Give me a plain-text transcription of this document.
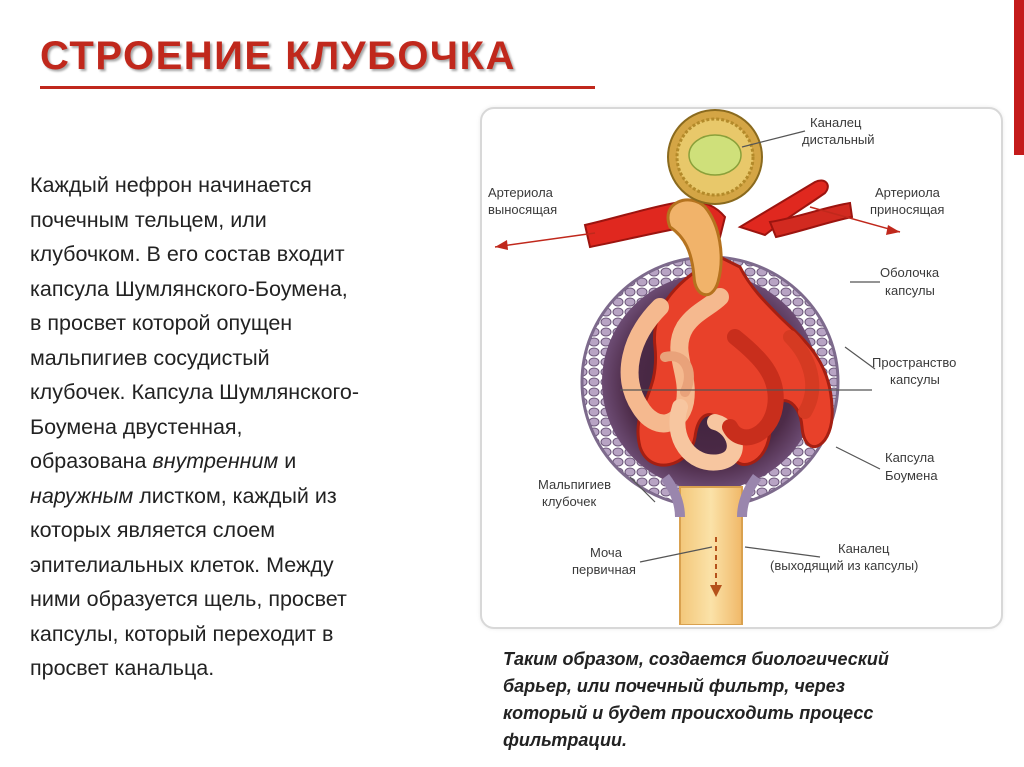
СТРОЕНИЕ КЛУБОЧКА

Каждый нефрон начинается
почечным тельцем, или
клубочком. В его состав входит
капсула Шумлянского-Боумена,
в просвет которой опущен
мальпигиев сосудистый
клубочек. Капсула Шумлянского-
Боумена двустенная,
образована внутренним и
наружным листком, каждый из
которых является слоем
эпителиальных клеток. Между
ними образуется щель, просвет
капсулы, который переходит в
просвет канальца.

Каналец
дистальный
Артериола
выносящая
Артериола
приносящая
Оболочка
капсулы
Пространство
капсулы
Капсула
Боумена
Мальпигиев
клубочек
Моча
первичная
Каналец
(выходящий из капсулы)
Таким образом, создается биологический
барьер, или почечный фильтр, через
который и будет происходить процесс
фильтрации.
